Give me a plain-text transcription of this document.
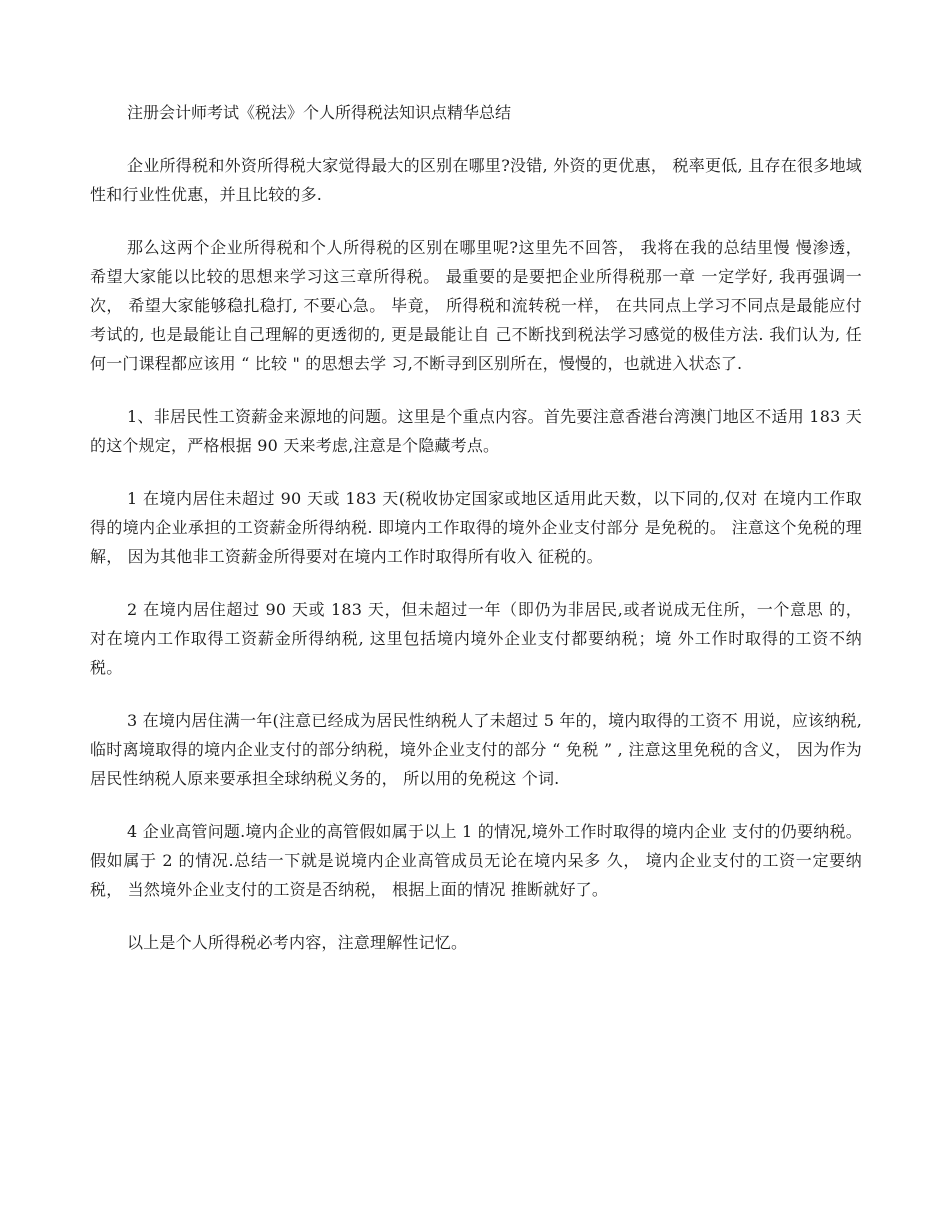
注册会计师考试《税法》个人所得税法知识点精华总结

企业所得税和外资所得税大家觉得最大的区别在哪里?没错, 外资的更优惠， 税率更低, 且存在很多地域性和行业性优惠，并且比较的多.

那么这两个企业所得税和个人所得税的区别在哪里呢?这里先不回答， 我将在我的总结里慢 慢渗透， 希望大家能以比较的思想来学习这三章所得税。 最重要的是要把企业所得税那一章 一定学好, 我再强调一次， 希望大家能够稳扎稳打, 不要心急。 毕竟， 所得税和流转税一样， 在共同点上学习不同点是最能应付考试的, 也是最能让自己理解的更透彻的, 更是最能让自 己不断找到税法学习感觉的极佳方法. 我们认为, 任何一门课程都应该用 “ 比较 " 的思想去学 习,不断寻到区别所在，慢慢的，也就进入状态了.

1、非居民性工资薪金来源地的问题。这里是个重点内容。首先要注意香港台湾澳门地区不适用 183 天的这个规定，严格根据 90 天来考虑,注意是个隐藏考点。

1 在境内居住未超过 90 天或 183 天(税收协定国家或地区适用此天数，以下同的,仅对 在境内工作取得的境内企业承担的工资薪金所得纳税. 即境内工作取得的境外企业支付部分 是免税的。 注意这个免税的理解， 因为其他非工资薪金所得要对在境内工作时取得所有收入 征税的。

2 在境内居住超过 90 天或 183 天，但未超过一年（即仍为非居民,或者说成无住所，一个意思 的， 对在境内工作取得工资薪金所得纳税, 这里包括境内境外企业支付都要纳税；境 外工作时取得的工资不纳税。

3 在境内居住满一年(注意已经成为居民性纳税人了未超过 5 年的，境内取得的工资不 用说，应该纳税,临时离境取得的境内企业支付的部分纳税，境外企业支付的部分 “ 免税 ” , 注意这里免税的含义， 因为作为居民性纳税人原来要承担全球纳税义务的， 所以用的免税这 个词.

4 企业高管问题.境内企业的高管假如属于以上 1 的情况,境外工作时取得的境内企业 支付的仍要纳税。假如属于 2 的情况.总结一下就是说境内企业高管成员无论在境内呆多 久， 境内企业支付的工资一定要纳税， 当然境外企业支付的工资是否纳税， 根据上面的情况 推断就好了。

以上是个人所得税必考内容，注意理解性记忆。
